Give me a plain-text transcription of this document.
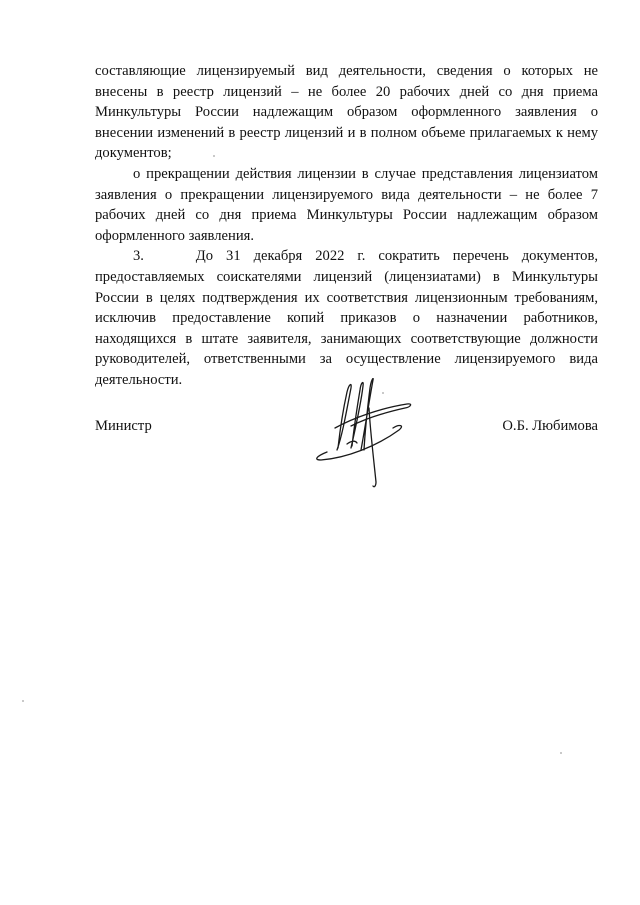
составляющие лицензируемый вид деятельности, сведения о которых не внесены в реестр лицензий – не более 20 рабочих дней со дня приема Минкультуры России надлежащим образом оформленного заявления о внесении изменений в реестр лицензий и в полном объеме прилагаемых к нему документов;

о прекращении действия лицензии в случае представления лицензиатом заявления о прекращении лицензируемого вида деятельности – не более 7 рабочих дней со дня приема Минкультуры России надлежащим образом оформленного заявления.

3.    До 31 декабря 2022 г. сократить перечень документов, предоставляемых соискателями лицензий (лицензиатами) в Минкультуры России в целях подтверждения их соответствия лицензионным требованиям, исключив предоставление копий приказов о назначении работников, находящихся в штате заявителя, занимающих соответствующие должности руководителей, ответственными за осуществление лицензируемого вида деятельности.

Министр	О.Б. Любимова
